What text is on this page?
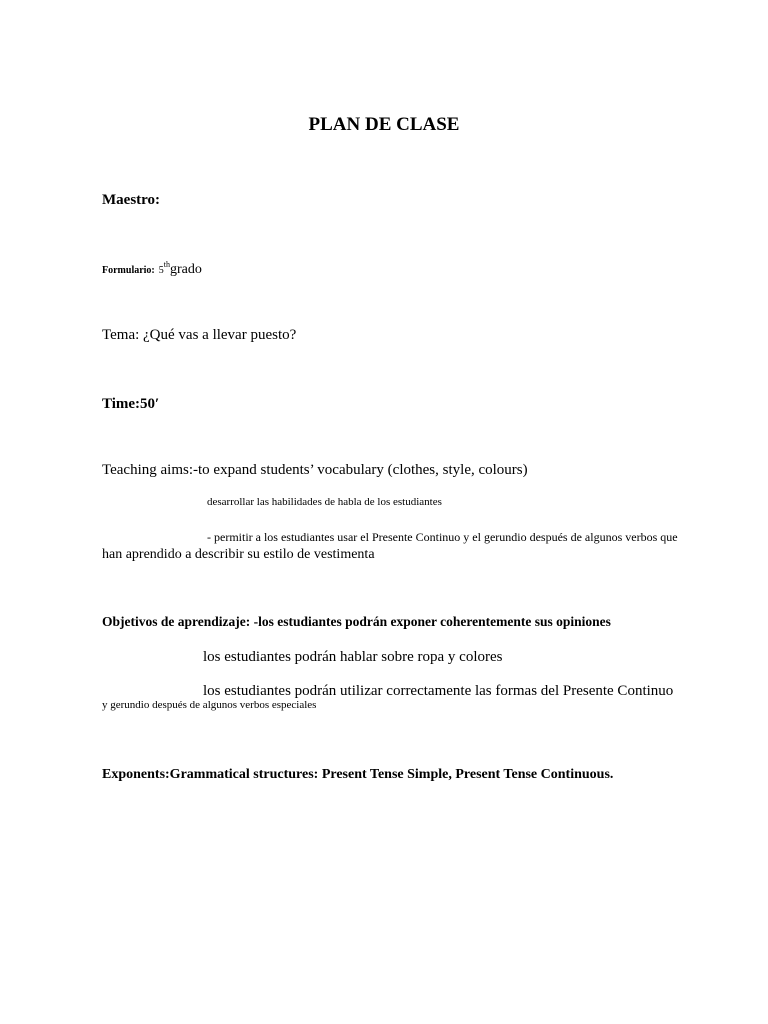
PLAN DE CLASE
Maestro:
Formulario: 5thgrado
Tema: ¿Qué vas a llevar puesto?
Time:50′
Teaching aims:-to expand students’ vocabulary (clothes, style, colours)
desarrollar las habilidades de habla de los estudiantes
- permitir a los estudiantes usar el Presente Continuo y el gerundio después de algunos verbos que
han aprendido a describir su estilo de vestimenta
Objetivos de aprendizaje: -los estudiantes podrán exponer coherentemente sus opiniones
los estudiantes podrán hablar sobre ropa y colores
los estudiantes podrán utilizar correctamente las formas del Presente Continuo
y gerundio después de algunos verbos especiales
Exponents:Grammatical structures: Present Tense Simple, Present Tense Continuous.
